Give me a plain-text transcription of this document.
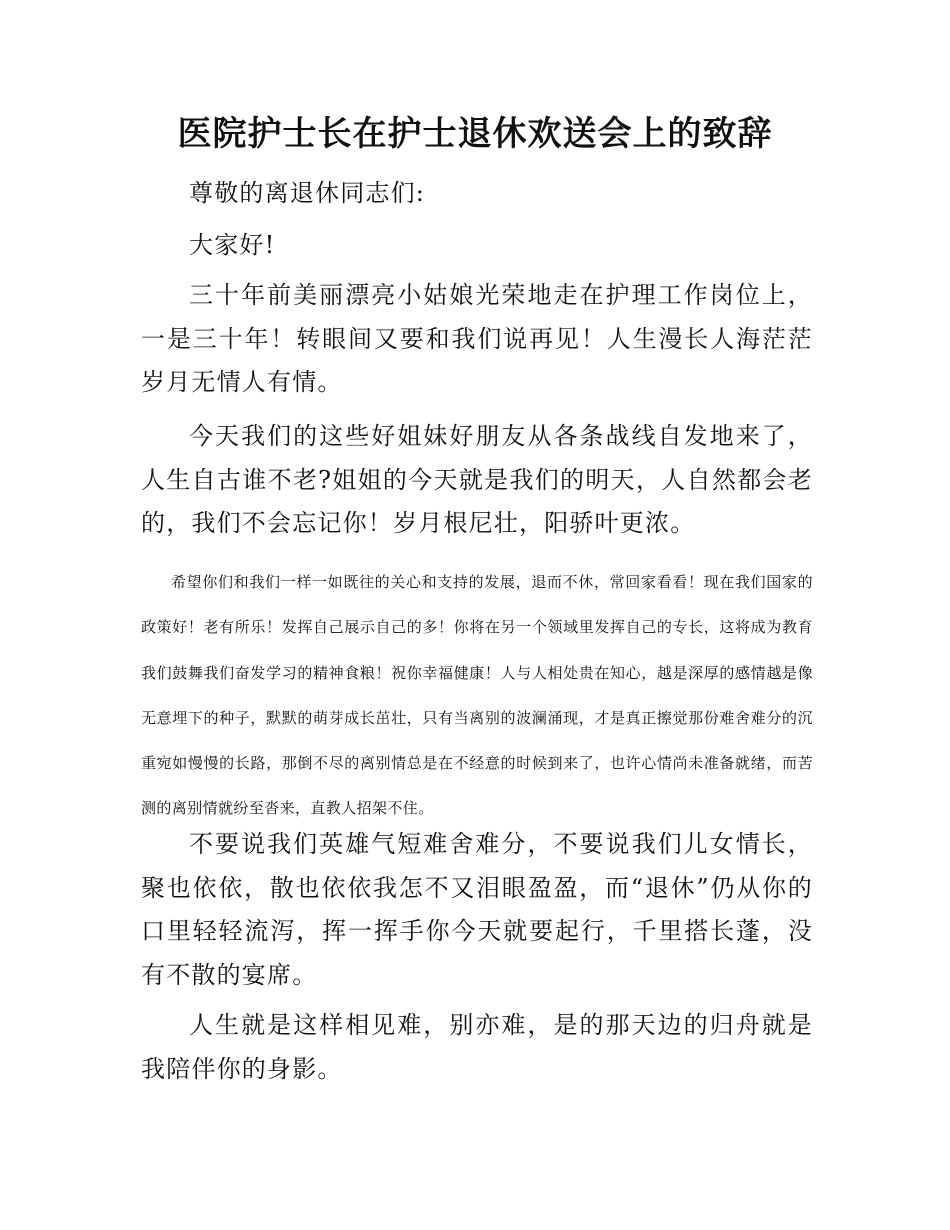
医院护士长在护士退休欢送会上的致辞

尊敬的离退休同志们:

大家好!

三十年前美丽漂亮小姑娘光荣地走在护理工作岗位上，一是三十年！转眼间又要和我们说再见！人生漫长人海茫茫岁月无情人有情。

今天我们的这些好姐妹好朋友从各条战线自发地来了，人生自古谁不老?姐姐的今天就是我们的明天，人自然都会老的，我们不会忘记你！岁月根尼壮，阳骄叶更浓。

希望你们和我们一样一如既往的关心和支持的发展，退而不休，常回家看看！现在我们国家的政策好！老有所乐！发挥自己展示自己的多！你将在另一个领域里发挥自己的专长，这将成为教育我们鼓舞我们奋发学习的精神食粮！祝你幸福健康！人与人相处贵在知心，越是深厚的感情越是像无意埋下的种子，默默的萌芽成长茁壮，只有当离别的波澜涌现，才是真正擦觉那份难舍难分的沉重宛如慢慢的长路，那倒不尽的离别情总是在不经意的时候到来了，也许心情尚未准备就绪，而苦测的离别情就纷至沓来，直教人招架不住。

不要说我们英雄气短难舍难分，不要说我们儿女情长，聚也依依，散也依依我怎不又泪眼盈盈，而“退休”仍从你的口里轻轻流泻，挥一挥手你今天就要起行，千里搭长蓬，没有不散的宴席。

人生就是这样相见难，别亦难，是的那天边的归舟就是我陪伴你的身影。
